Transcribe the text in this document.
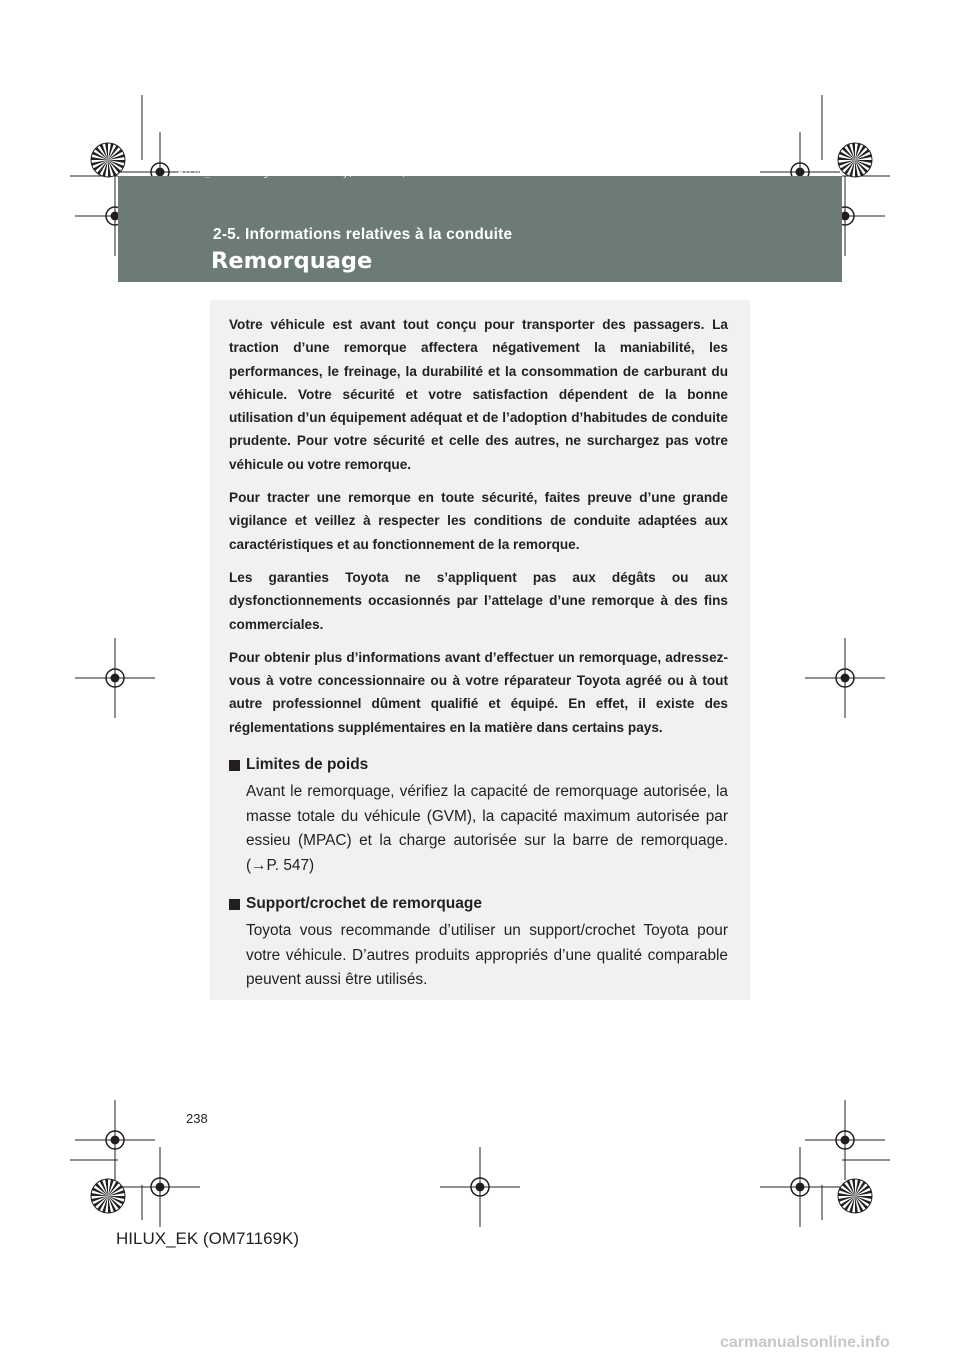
HILUX_EK.book Page 238 Wednesday, March 23, 2011 3:03 PM
2-5. Informations relatives à la conduite
Remorquage

Votre véhicule est avant tout conçu pour transporter des passagers. La traction d’une remorque affectera négativement la maniabilité, les performances, le freinage, la durabilité et la consommation de carburant du véhicule. Votre sécurité et votre satisfaction dépendent de la bonne utilisation d’un équipement adéquat et de l’adoption d’habitudes de conduite prudente. Pour votre sécurité et celle des autres, ne surchargez pas votre véhicule ou votre remorque.

Pour tracter une remorque en toute sécurité, faites preuve d’une grande vigilance et veillez à respecter les conditions de conduite adaptées aux caractéristiques et au fonctionnement de la remorque.

Les garanties Toyota ne s’appliquent pas aux dégâts ou aux dysfonctionnements occasionnés par l’attelage d’une remorque à des fins commerciales.

Pour obtenir plus d’informations avant d’effectuer un remorquage, adressez-vous à votre concessionnaire ou à votre réparateur Toyota agréé ou à tout autre professionnel dûment qualifié et équipé. En effet, il existe des réglementations supplémentaires en la matière dans certains pays.

Limites de poids
Avant le remorquage, vérifiez la capacité de remorquage autorisée, la masse totale du véhicule (GVM), la capacité maximum autorisée par essieu (MPAC) et la charge autorisée sur la barre de remorquage. (→P. 547)
Support/crochet de remorquage
Toyota vous recommande d’utiliser un support/crochet Toyota pour votre véhicule. D’autres produits appropriés d’une qualité comparable peuvent aussi être utilisés.
238
HILUX_EK (OM71169K)
carmanualsonline.info
